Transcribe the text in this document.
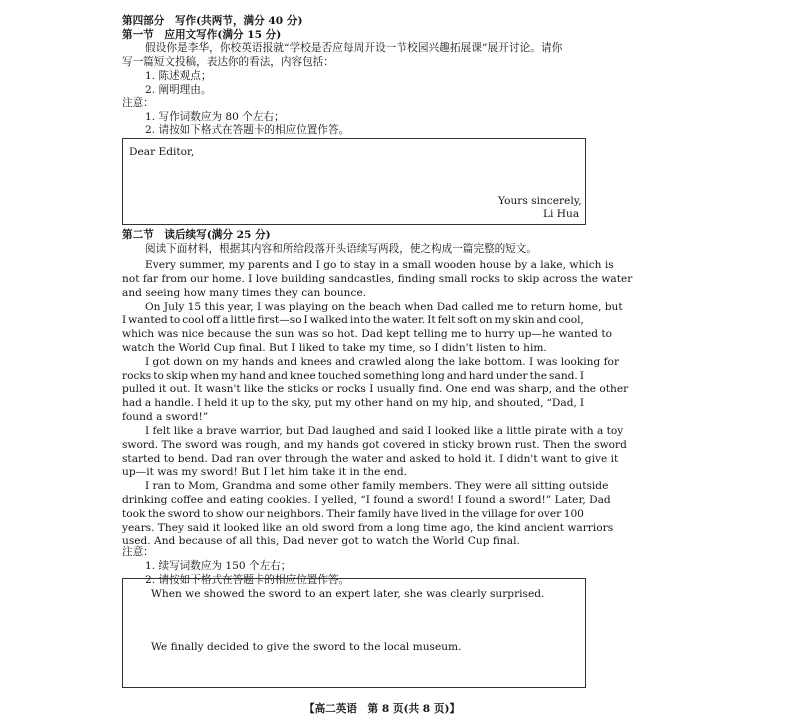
第四部分　写作(共两节，满分 40 分)
第一节　应用文写作(满分 15 分)
假设你是李华，你校英语报就“学校是否应每周开设一节校园兴趣拓展课”展开讨论。请你
写一篇短文投稿，表达你的看法，内容包括：
1. 陈述观点；
2. 阐明理由。
注意：
1. 写作词数应为 80 个左右；
2. 请按如下格式在答题卡的相应位置作答。
Dear Editor,
Yours sincerely,
Li Hua
第二节　读后续写(满分 25 分)
阅读下面材料，根据其内容和所给段落开头语续写两段，使之构成一篇完整的短文。
Every summer, my parents and I go to stay in a small wooden house by a lake, which is
not far from our home. I love building sandcastles, finding small rocks to skip across the water
and seeing how many times they can bounce.
On July 15 this year, I was playing on the beach when Dad called me to return home, but
I wanted to cool off a little first—so I walked into the water. It felt soft on my skin and cool,
which was nice because the sun was so hot. Dad kept telling me to hurry up—he wanted to
watch the World Cup final. But I liked to take my time, so I didn't listen to him.
I got down on my hands and knees and crawled along the lake bottom. I was looking for
rocks to skip when my hand and knee touched something long and hard under the sand. I
pulled it out. It wasn't like the sticks or rocks I usually find. One end was sharp, and the other
had a handle. I held it up to the sky, put my other hand on my hip, and shouted, “Dad, I
found a sword!”
I felt like a brave warrior, but Dad laughed and said I looked like a little pirate with a toy
sword. The sword was rough, and my hands got covered in sticky brown rust. Then the sword
started to bend. Dad ran over through the water and asked to hold it. I didn't want to give it
up—it was my sword! But I let him take it in the end.
I ran to Mom, Grandma and some other family members. They were all sitting outside
drinking coffee and eating cookies. I yelled, “I found a sword! I found a sword!” Later, Dad
took the sword to show our neighbors. Their family have lived in the village for over 100
years. They said it looked like an old sword from a long time ago, the kind ancient warriors
used. And because of all this, Dad never got to watch the World Cup final.
注意：
1. 续写词数应为 150 个左右；
2. 请按如下格式在答题卡的相应位置作答。
When we showed the sword to an expert later, she was clearly surprised.
We finally decided to give the sword to the local museum.
【高二英语　第 8 页(共 8 页)】
